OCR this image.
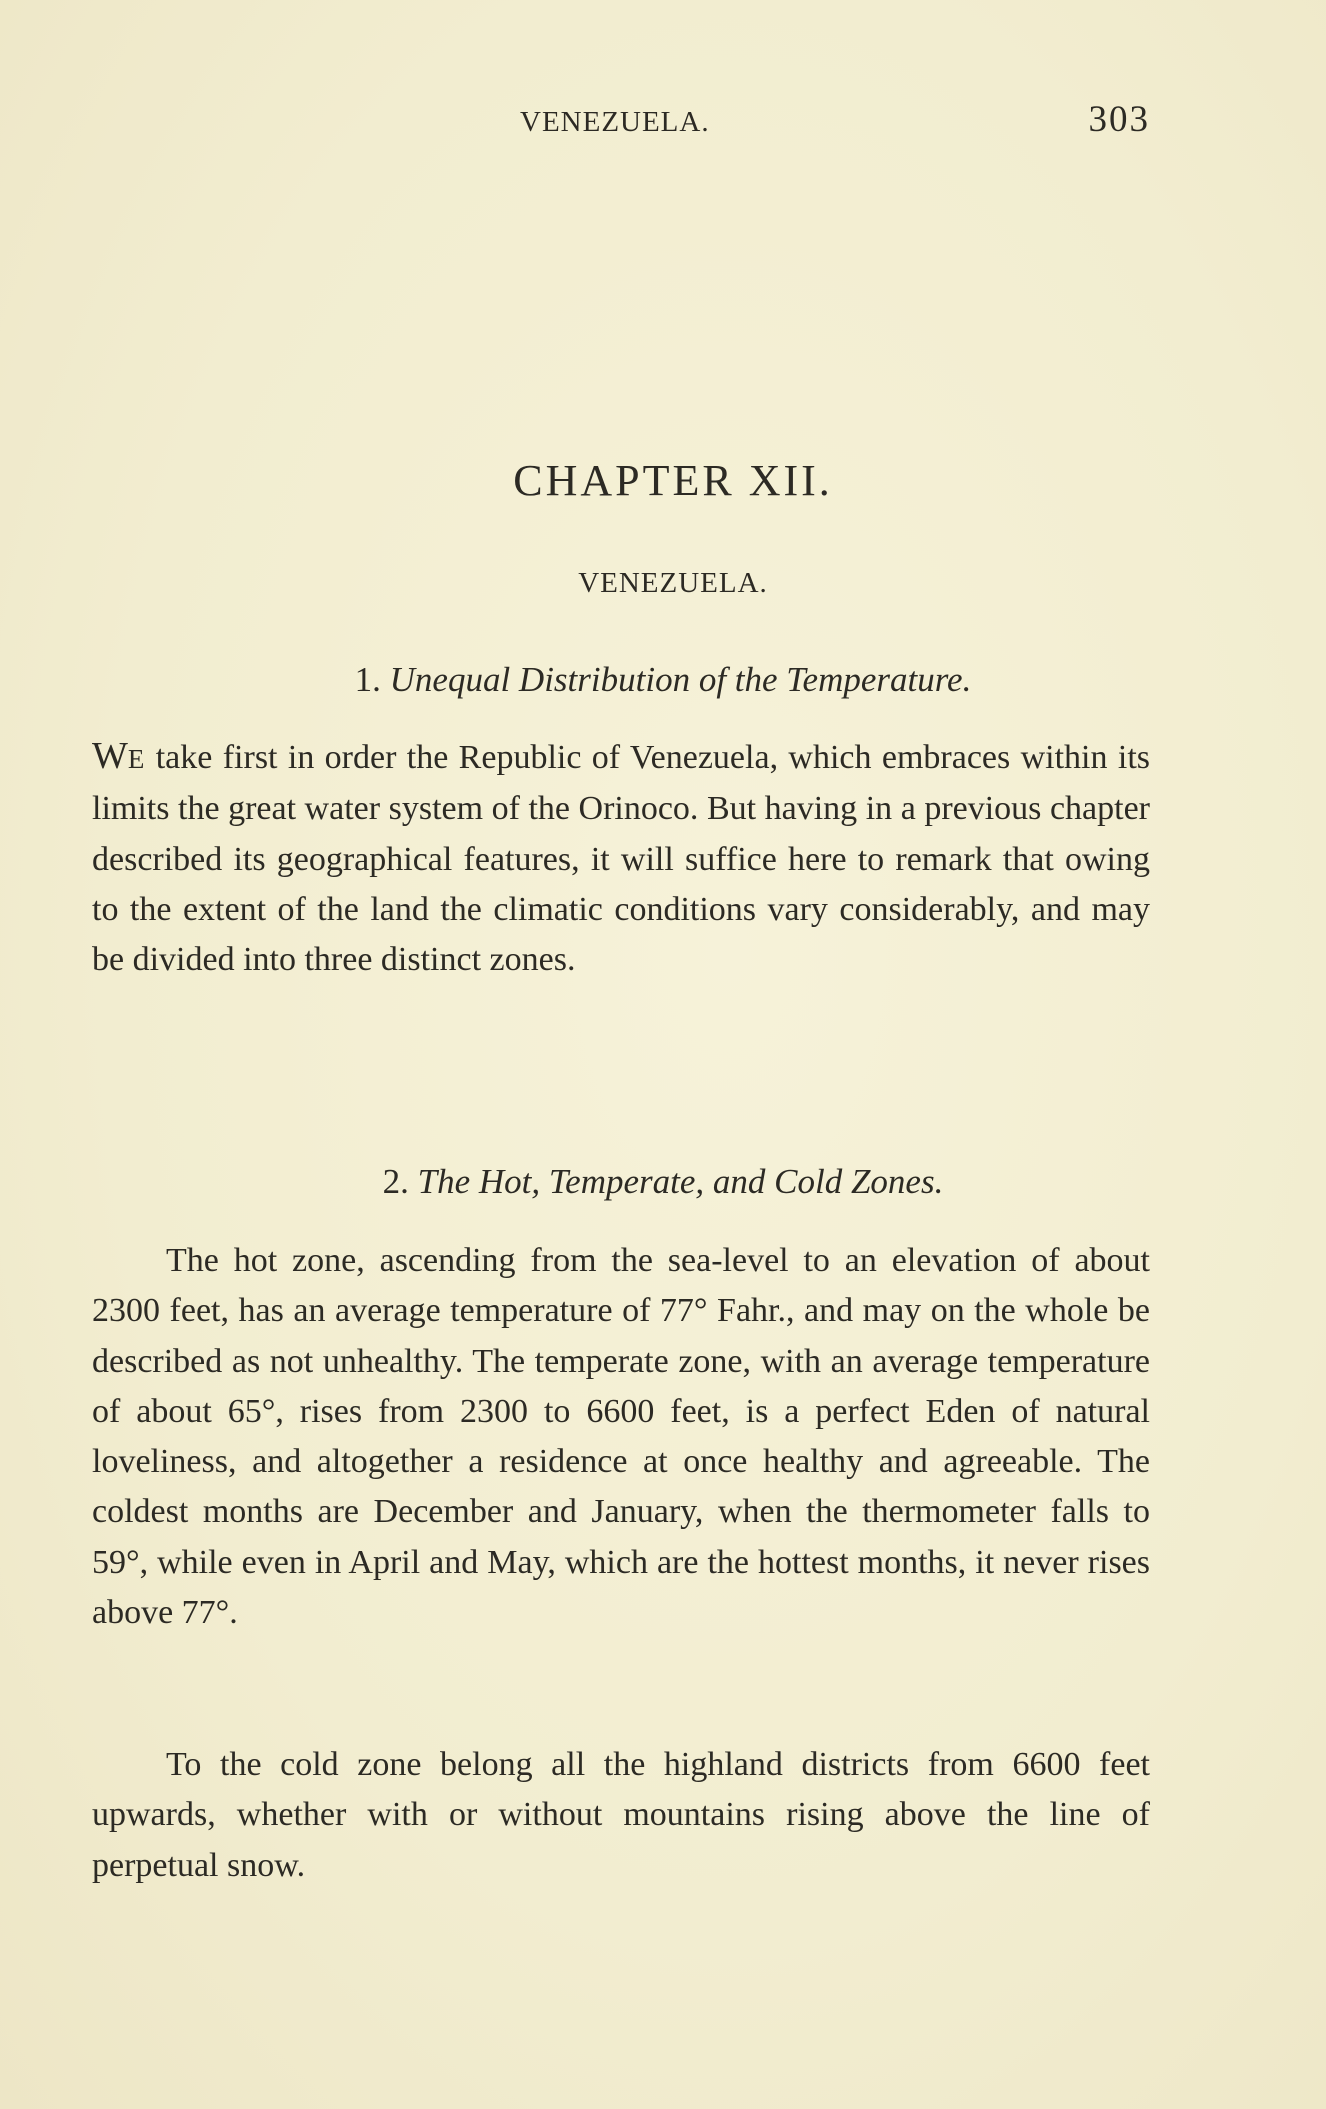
VENEZUELA.	303
CHAPTER XII.
VENEZUELA.
1. Unequal Distribution of the Temperature.

WE take first in order the Republic of Venezuela, which embraces within its limits the great water system of the Orinoco. But having in a previous chapter described its geographical features, it will suffice here to remark that owing to the extent of the land the climatic conditions vary considerably, and may be divided into three distinct zones.

2. The Hot, Temperate, and Cold Zones.

The hot zone, ascending from the sea-level to an elevation of about 2300 feet, has an average temperature of 77° Fahr., and may on the whole be described as not unhealthy. The temperate zone, with an average temperature of about 65°, rises from 2300 to 6600 feet, is a perfect Eden of natural loveliness, and altogether a residence at once healthy and agreeable. The coldest months are December and January, when the thermometer falls to 59°, while even in April and May, which are the hottest months, it never rises above 77°.

To the cold zone belong all the highland districts from 6600 feet upwards, whether with or without mountains rising above the line of perpetual snow.
